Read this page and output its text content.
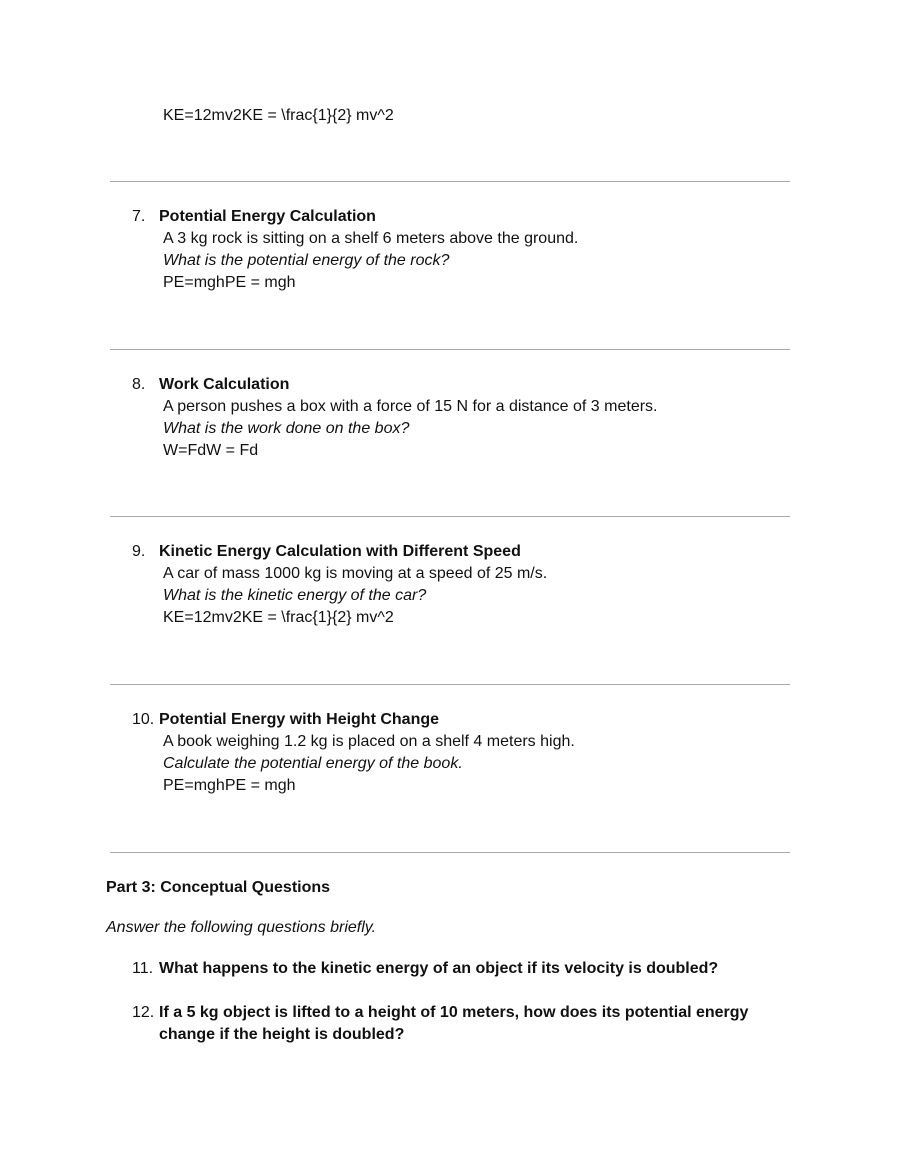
KE=12mv2KE = \frac{1}{2} mv^2
7. Potential Energy Calculation
A 3 kg rock is sitting on a shelf 6 meters above the ground.
What is the potential energy of the rock?
PE=mghPE = mgh
8. Work Calculation
A person pushes a box with a force of 15 N for a distance of 3 meters.
What is the work done on the box?
W=FdW = Fd
9. Kinetic Energy Calculation with Different Speed
A car of mass 1000 kg is moving at a speed of 25 m/s.
What is the kinetic energy of the car?
KE=12mv2KE = \frac{1}{2} mv^2
10. Potential Energy with Height Change
A book weighing 1.2 kg is placed on a shelf 4 meters high.
Calculate the potential energy of the book.
PE=mghPE = mgh
Part 3: Conceptual Questions
Answer the following questions briefly.
11. What happens to the kinetic energy of an object if its velocity is doubled?
12. If a 5 kg object is lifted to a height of 10 meters, how does its potential energy change if the height is doubled?
